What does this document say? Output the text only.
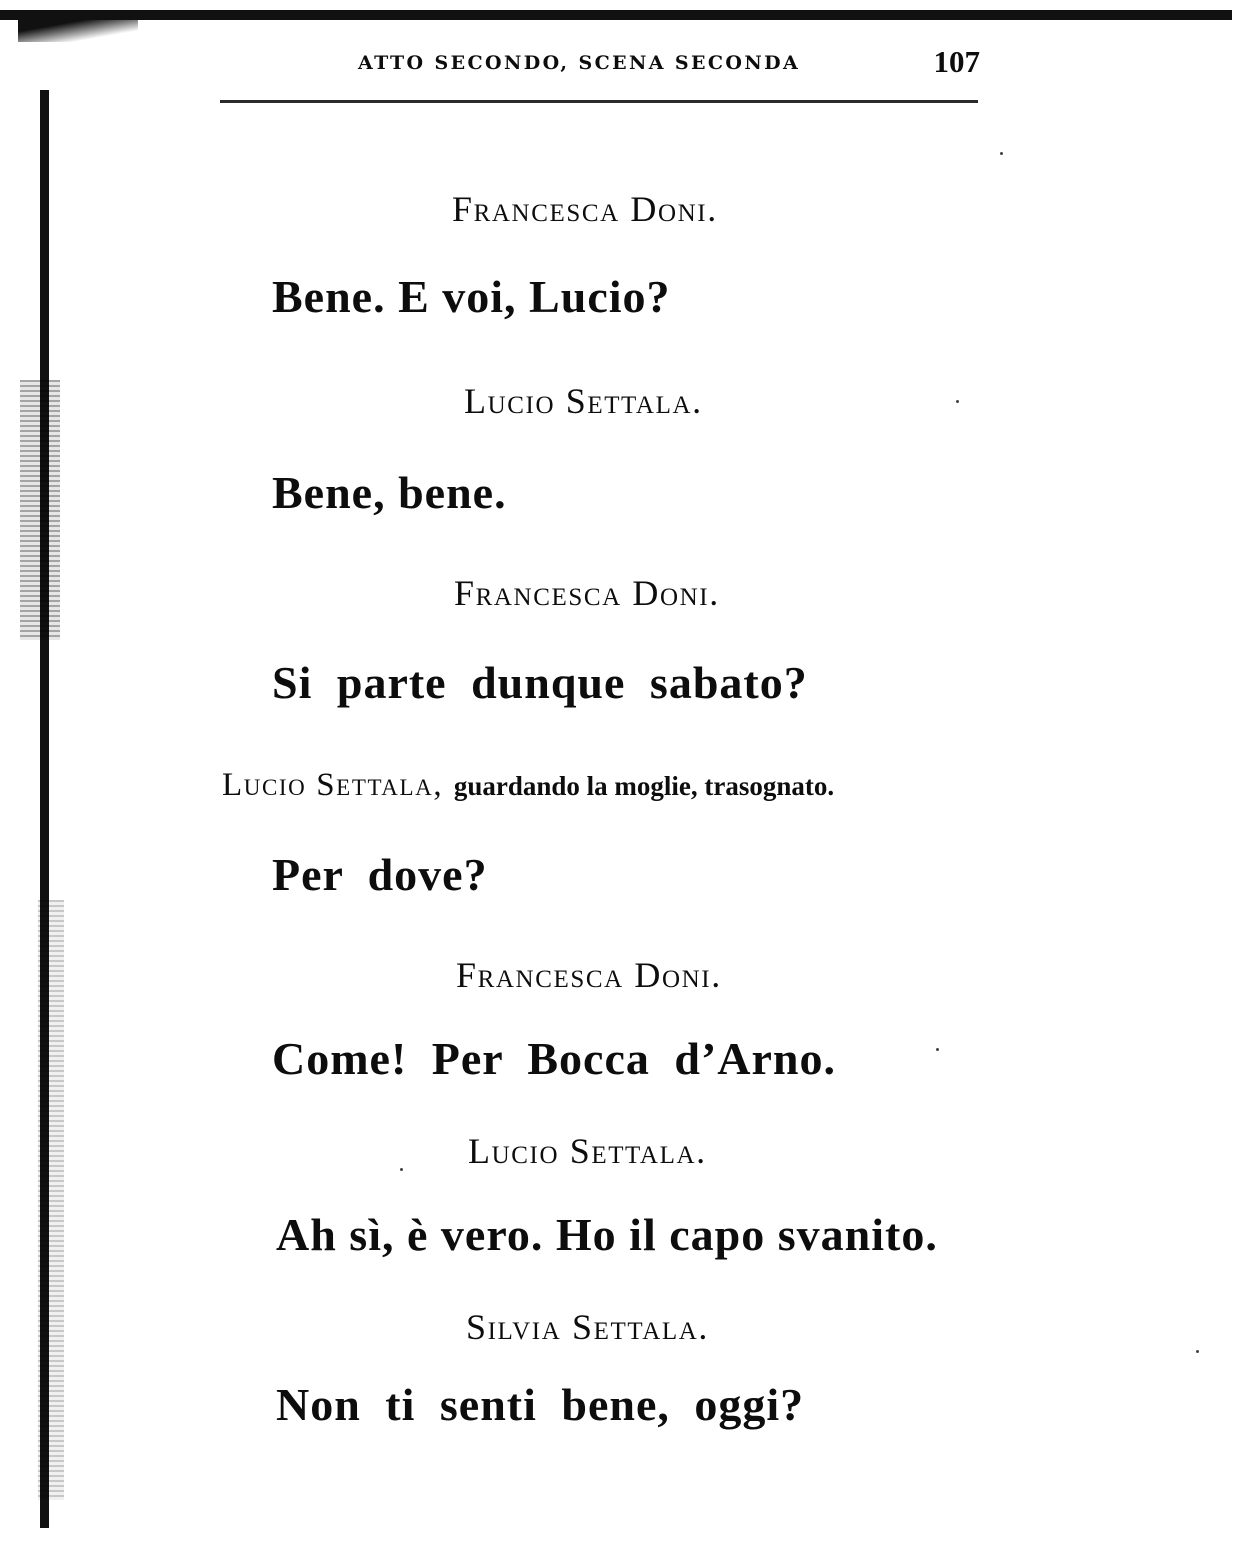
ATTO SECONDO, SCENA SECONDA	107
Francesca Doni.
Bene. E voi, Lucio?
Lucio Settala.
Bene, bene.
Francesca Doni.
Si parte dunque sabato?
Lucio Settala, guardando la moglie, trasognato.
Per dove?
Francesca Doni.
Come! Per Bocca d’Arno.
Lucio Settala.
Ah sì, è vero. Ho il capo svanito.
Silvia Settala.
Non ti senti bene, oggi?
